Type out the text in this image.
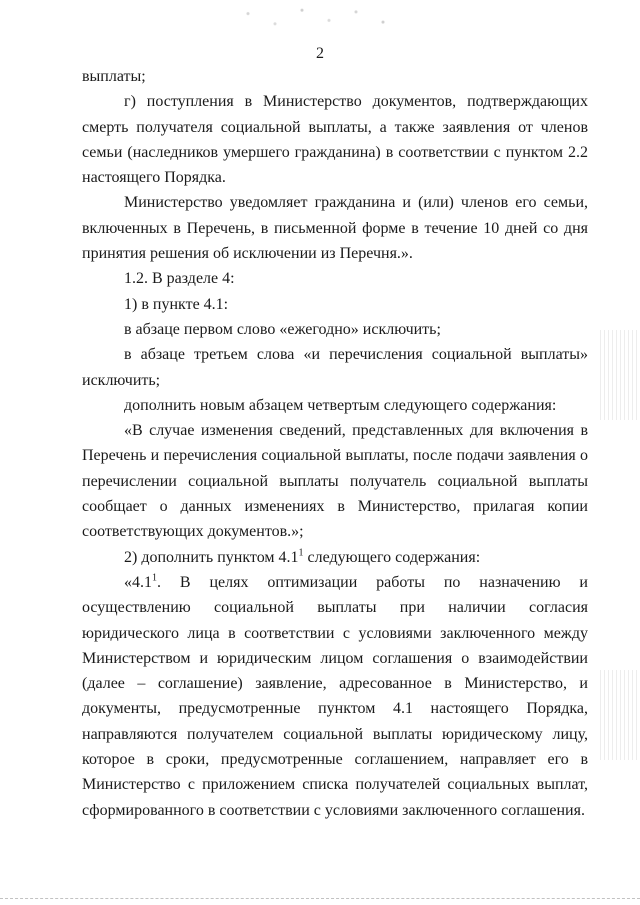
2

выплаты;

г) поступления в Министерство документов, подтверждающих смерть получателя социальной выплаты, а также заявления от членов семьи (наследников умершего гражданина) в соответствии с пунктом 2.2 настоящего Порядка.

Министерство уведомляет гражданина и (или) членов его семьи, включенных в Перечень, в письменной форме в течение 10 дней со дня принятия решения об исключении из Перечня.».

1.2. В разделе 4:

1) в пункте 4.1:

в абзаце первом слово «ежегодно» исключить;

в абзаце третьем слова «и перечисления социальной выплаты» исключить;

дополнить новым абзацем четвертым следующего содержания:

«В случае изменения сведений, представленных для включения в Перечень и перечисления социальной выплаты, после подачи заявления о перечислении социальной выплаты получатель социальной выплаты сообщает о данных изменениях в Министерство, прилагая копии соответствующих документов.»;

2) дополнить пунктом $4.1^1$ следующего содержания:

«$4.1^1$. В целях оптимизации работы по назначению и осуществлению социальной выплаты при наличии согласия юридического лица в соответствии с условиями заключенного между Министерством и юридическим лицом соглашения о взаимодействии (далее – соглашение) заявление, адресованное в Министерство, и документы, предусмотренные пунктом 4.1 настоящего Порядка, направляются получателем социальной выплаты юридическому лицу, которое в сроки, предусмотренные соглашением, направляет его в Министерство с приложением списка получателей социальных выплат, сформированного в соответствии с условиями заключенного соглашения.
